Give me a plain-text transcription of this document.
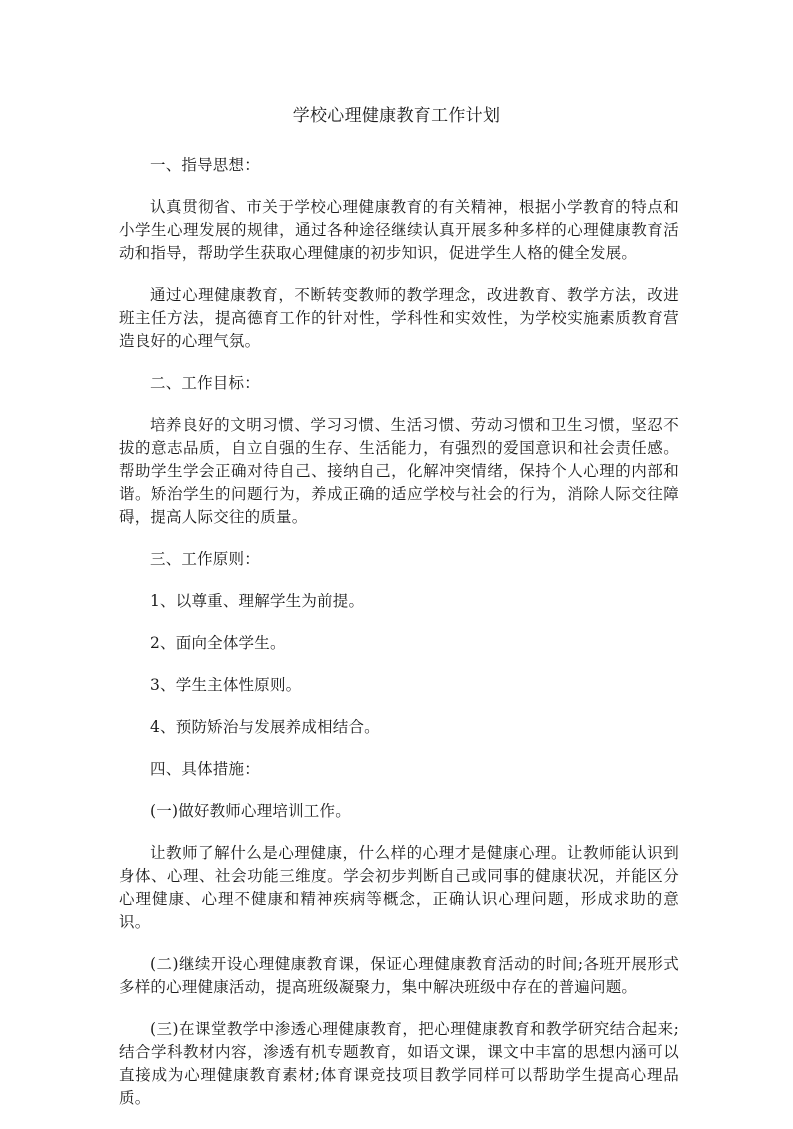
学校心理健康教育工作计划

一、指导思想：

认真贯彻省、市关于学校心理健康教育的有关精神，根据小学教育的特点和小学生心理发展的规律，通过各种途径继续认真开展多种多样的心理健康教育活动和指导，帮助学生获取心理健康的初步知识，促进学生人格的健全发展。

通过心理健康教育，不断转变教师的教学理念，改进教育、教学方法，改进班主任方法，提高德育工作的针对性，学科性和实效性，为学校实施素质教育营造良好的心理气氛。

二、工作目标：

培养良好的文明习惯、学习习惯、生活习惯、劳动习惯和卫生习惯，坚忍不拔的意志品质，自立自强的生存、生活能力，有强烈的爱国意识和社会责任感。帮助学生学会正确对待自己、接纳自己，化解冲突情绪，保持个人心理的内部和谐。矫治学生的问题行为，养成正确的适应学校与社会的行为，消除人际交往障碍，提高人际交往的质量。

三、工作原则：

1、以尊重、理解学生为前提。

2、面向全体学生。

3、学生主体性原则。

4、预防矫治与发展养成相结合。

四、具体措施：

(一)做好教师心理培训工作。

让教师了解什么是心理健康，什么样的心理才是健康心理。让教师能认识到身体、心理、社会功能三维度。学会初步判断自己或同事的健康状况，并能区分心理健康、心理不健康和精神疾病等概念，正确认识心理问题，形成求助的意识。

(二)继续开设心理健康教育课，保证心理健康教育活动的时间;各班开展形式多样的心理健康活动，提高班级凝聚力，集中解决班级中存在的普遍问题。

(三)在课堂教学中渗透心理健康教育，把心理健康教育和教学研究结合起来;结合学科教材内容，渗透有机专题教育，如语文课，课文中丰富的思想内涵可以直接成为心理健康教育素材;体育课竞技项目教学同样可以帮助学生提高心理品质。
